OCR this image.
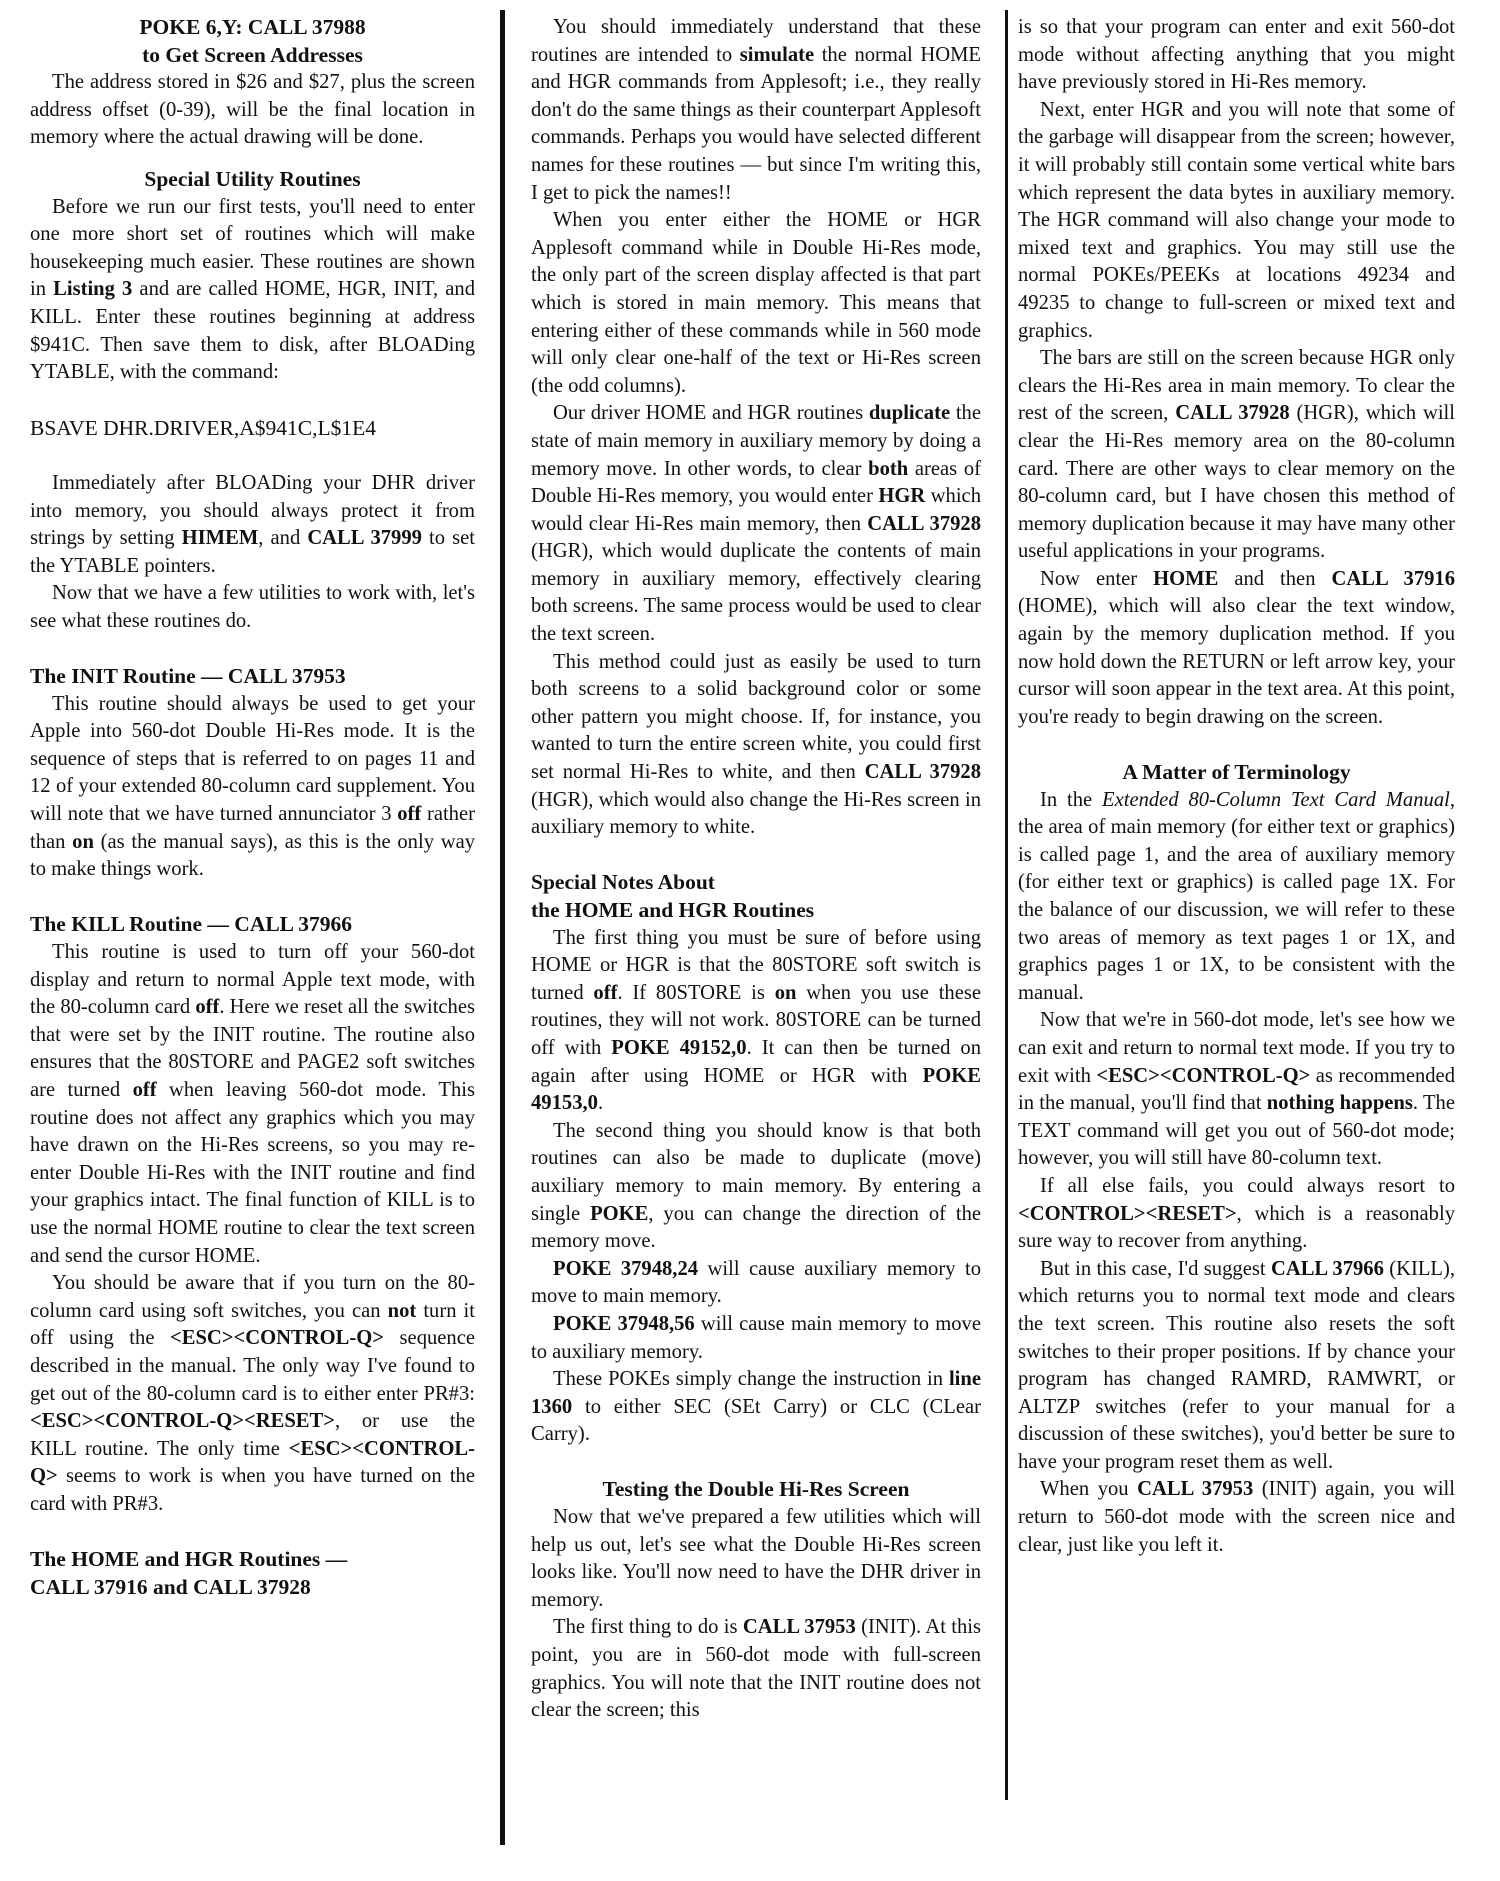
POKE 6,Y: CALL 37988
to Get Screen Addresses

The address stored in $26 and $27, plus the screen address offset (0-39), will be the final location in memory where the actual drawing will be done.

Special Utility Routines

Before we run our first tests, you'll need to enter one more short set of routines which will make housekeeping much easier. These routines are shown in Listing 3 and are called HOME, HGR, INIT, and KILL. Enter these routines beginning at address $941C. Then save them to disk, after BLOADing YTABLE, with the command:

BSAVE DHR.DRIVER,A$941C,L$1E4

Immediately after BLOADing your DHR driver into memory, you should always protect it from strings by setting HIMEM, and CALL 37999 to set the YTABLE pointers.

Now that we have a few utilities to work with, let's see what these routines do.

The INIT Routine — CALL 37953

This routine should always be used to get your Apple into 560-dot Double Hi-Res mode. It is the sequence of steps that is referred to on pages 11 and 12 of your extended 80-column card supplement. You will note that we have turned annunciator 3 off rather than on (as the manual says), as this is the only way to make things work.

The KILL Routine — CALL 37966

This routine is used to turn off your 560-dot display and return to normal Apple text mode, with the 80-column card off. Here we reset all the switches that were set by the INIT routine. The routine also ensures that the 80STORE and PAGE2 soft switches are turned off when leaving 560-dot mode. This routine does not affect any graphics which you may have drawn on the Hi-Res screens, so you may re-enter Double Hi-Res with the INIT routine and find your graphics intact. The final function of KILL is to use the normal HOME routine to clear the text screen and send the cursor HOME.

You should be aware that if you turn on the 80-column card using soft switches, you can not turn it off using the <ESC><CONTROL-Q> sequence described in the manual. The only way I've found to get out of the 80-column card is to either enter PR#3: <ESC><CONTROL-Q><RESET>, or use the KILL routine. The only time <ESC><CONTROL-Q> seems to work is when you have turned on the card with PR#3.

The HOME and HGR Routines —
CALL 37916 and CALL 37928

You should immediately understand that these routines are intended to simulate the normal HOME and HGR commands from Applesoft; i.e., they really don't do the same things as their counterpart Applesoft commands. Perhaps you would have selected different names for these routines — but since I'm writing this, I get to pick the names!!

When you enter either the HOME or HGR Applesoft command while in Double Hi-Res mode, the only part of the screen display affected is that part which is stored in main memory. This means that entering either of these commands while in 560 mode will only clear one-half of the text or Hi-Res screen (the odd columns).

Our driver HOME and HGR routines duplicate the state of main memory in auxiliary memory by doing a memory move. In other words, to clear both areas of Double Hi-Res memory, you would enter HGR which would clear Hi-Res main memory, then CALL 37928 (HGR), which would duplicate the contents of main memory in auxiliary memory, effectively clearing both screens. The same process would be used to clear the text screen.

This method could just as easily be used to turn both screens to a solid background color or some other pattern you might choose. If, for instance, you wanted to turn the entire screen white, you could first set normal Hi-Res to white, and then CALL 37928 (HGR), which would also change the Hi-Res screen in auxiliary memory to white.

Special Notes About
the HOME and HGR Routines

The first thing you must be sure of before using HOME or HGR is that the 80STORE soft switch is turned off. If 80STORE is on when you use these routines, they will not work. 80STORE can be turned off with POKE 49152,0. It can then be turned on again after using HOME or HGR with POKE 49153,0.

The second thing you should know is that both routines can also be made to duplicate (move) auxiliary memory to main memory. By entering a single POKE, you can change the direction of the memory move.

POKE 37948,24 will cause auxiliary memory to move to main memory.

POKE 37948,56 will cause main memory to move to auxiliary memory.

These POKEs simply change the instruction in line 1360 to either SEC (SEt Carry) or CLC (CLear Carry).

Testing the Double Hi-Res Screen

Now that we've prepared a few utilities which will help us out, let's see what the Double Hi-Res screen looks like. You'll now need to have the DHR driver in memory.

The first thing to do is CALL 37953 (INIT). At this point, you are in 560-dot mode with full-screen graphics. You will note that the INIT routine does not clear the screen; this

is so that your program can enter and exit 560-dot mode without affecting anything that you might have previously stored in Hi-Res memory.

Next, enter HGR and you will note that some of the garbage will disappear from the screen; however, it will probably still contain some vertical white bars which represent the data bytes in auxiliary memory. The HGR command will also change your mode to mixed text and graphics. You may still use the normal POKEs/PEEKs at locations 49234 and 49235 to change to full-screen or mixed text and graphics.

The bars are still on the screen because HGR only clears the Hi-Res area in main memory. To clear the rest of the screen, CALL 37928 (HGR), which will clear the Hi-Res memory area on the 80-column card. There are other ways to clear memory on the 80-column card, but I have chosen this method of memory duplication because it may have many other useful applications in your programs.

Now enter HOME and then CALL 37916 (HOME), which will also clear the text window, again by the memory duplication method. If you now hold down the RETURN or left arrow key, your cursor will soon appear in the text area. At this point, you're ready to begin drawing on the screen.

A Matter of Terminology

In the Extended 80-Column Text Card Manual, the area of main memory (for either text or graphics) is called page 1, and the area of auxiliary memory (for either text or graphics) is called page 1X. For the balance of our discussion, we will refer to these two areas of memory as text pages 1 or 1X, and graphics pages 1 or 1X, to be consistent with the manual.

Now that we're in 560-dot mode, let's see how we can exit and return to normal text mode. If you try to exit with <ESC><CONTROL-Q> as recommended in the manual, you'll find that nothing happens. The TEXT command will get you out of 560-dot mode; however, you will still have 80-column text.

If all else fails, you could always resort to <CONTROL><RESET>, which is a reasonably sure way to recover from anything.

But in this case, I'd suggest CALL 37966 (KILL), which returns you to normal text mode and clears the text screen. This routine also resets the soft switches to their proper positions. If by chance your program has changed RAMRD, RAMWRT, or ALTZP switches (refer to your manual for a discussion of these switches), you'd better be sure to have your program reset them as well.

When you CALL 37953 (INIT) again, you will return to 560-dot mode with the screen nice and clear, just like you left it.
